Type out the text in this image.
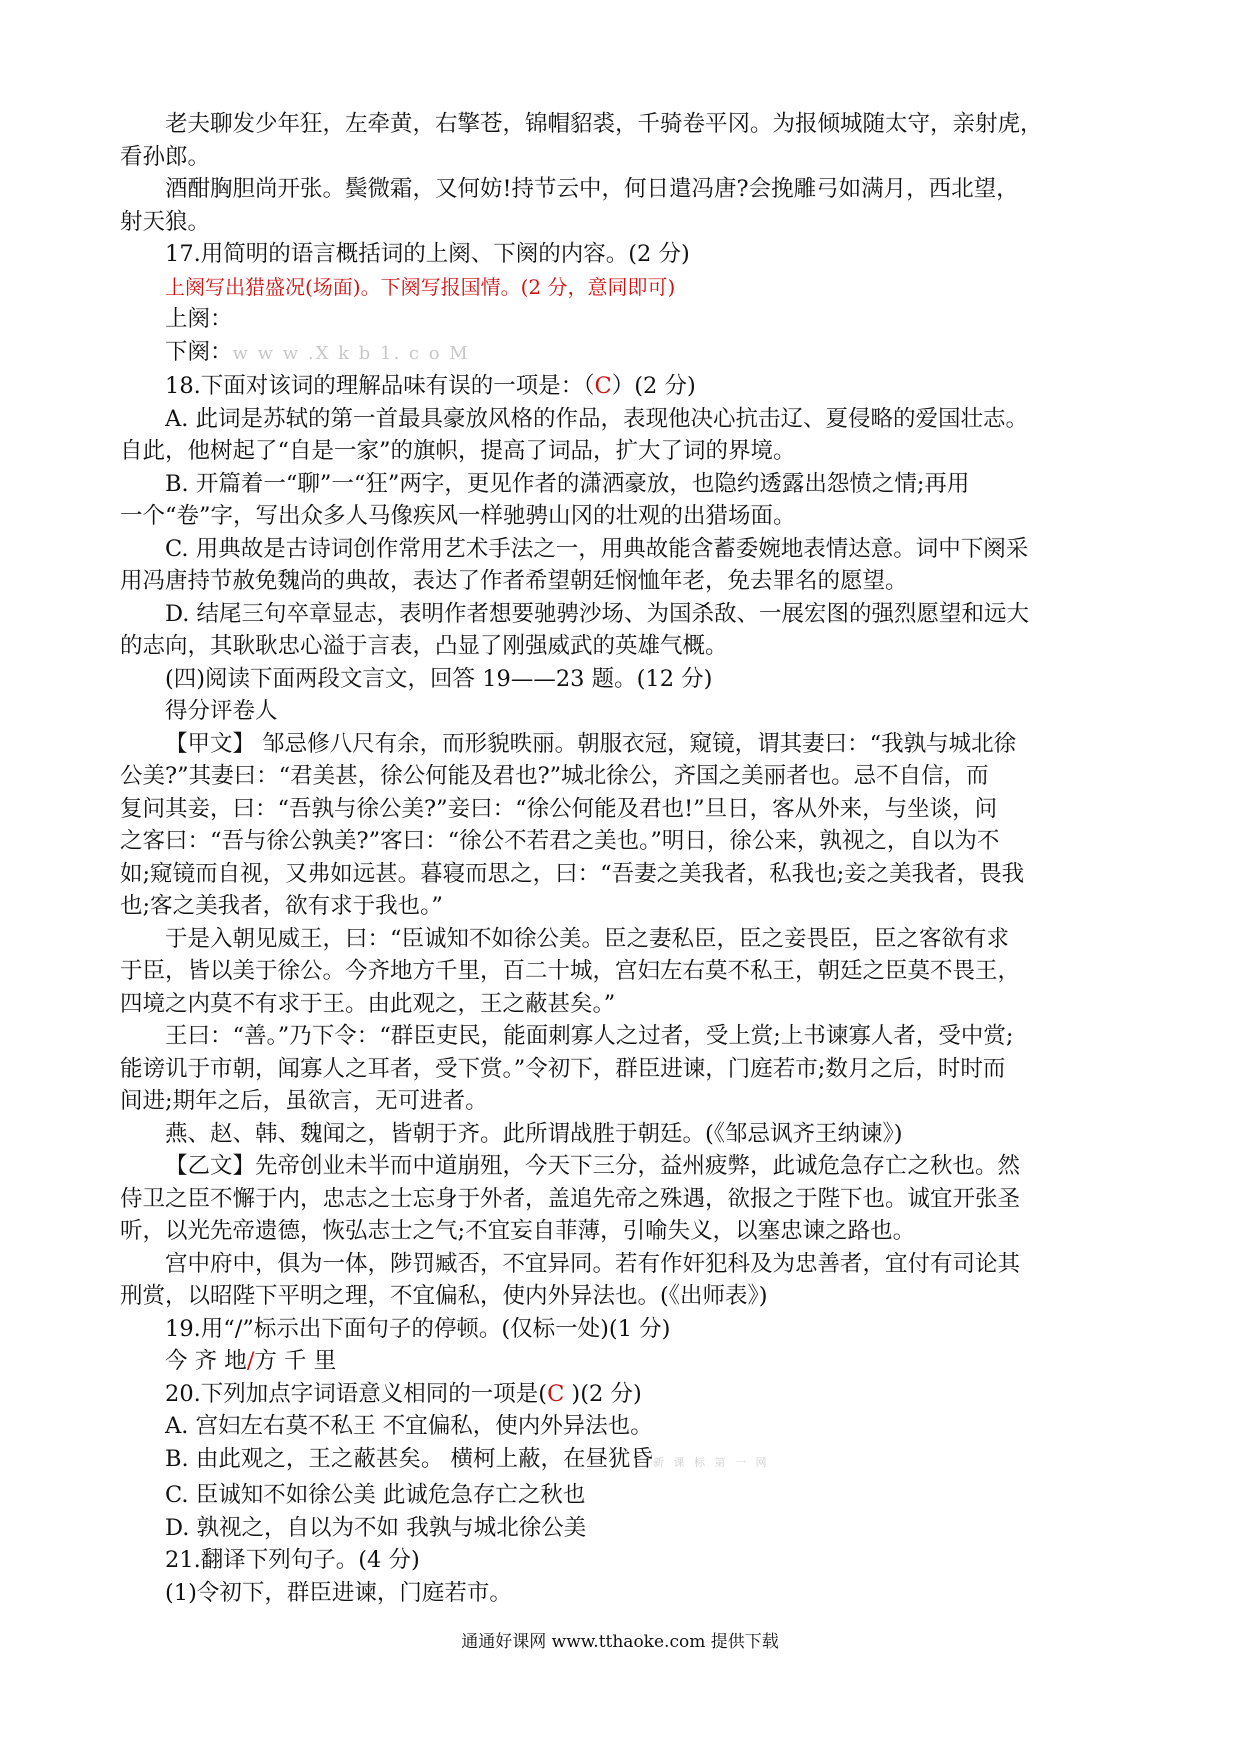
老夫聊发少年狂，左牵黄，右擎苍，锦帽貂裘，千骑卷平冈。为报倾城随太守，亲射虎，

看孙郎。

酒酣胸胆尚开张。鬓微霜，又何妨!持节云中，何日遣冯唐?会挽雕弓如满月，西北望，

射天狼。

17.用简明的语言概括词的上阕、下阕的内容。(2 分)

上阕写出猎盛况(场面)。下阕写报国情。(2 分，意同即可)

上阕：

下阕：w w w .X k b 1. c o M

18.下面对该词的理解品味有误的一项是：（C）(2 分)

A. 此词是苏轼的第一首最具豪放风格的作品，表现他决心抗击辽、夏侵略的爱国壮志。

自此，他树起了“自是一家”的旗帜，提高了词品，扩大了词的界境。

B. 开篇着一“聊”一“狂”两字，更见作者的潇洒豪放，也隐约透露出怨愤之情;再用

一个“卷”字，写出众多人马像疾风一样驰骋山冈的壮观的出猎场面。

C. 用典故是古诗词创作常用艺术手法之一，用典故能含蓄委婉地表情达意。词中下阕采

用冯唐持节赦免魏尚的典故，表达了作者希望朝廷悯恤年老，免去罪名的愿望。

D. 结尾三句卒章显志，表明作者想要驰骋沙场、为国杀敌、一展宏图的强烈愿望和远大

的志向，其耿耿忠心溢于言表，凸显了刚强威武的英雄气概。

(四)阅读下面两段文言文，回答 19——23 题。(12 分)

得分评卷人

【甲文】 邹忌修八尺有余，而形貌昳丽。朝服衣冠，窥镜，谓其妻曰：“我孰与城北徐

公美?”其妻曰：“君美甚，徐公何能及君也?”城北徐公，齐国之美丽者也。忌不自信，而

复问其妾，曰：“吾孰与徐公美?”妾曰：“徐公何能及君也!”旦日，客从外来，与坐谈，问

之客曰：“吾与徐公孰美?”客曰：“徐公不若君之美也。”明日，徐公来，孰视之，自以为不

如;窥镜而自视，又弗如远甚。暮寝而思之，曰：“吾妻之美我者，私我也;妾之美我者，畏我

也;客之美我者，欲有求于我也。”

于是入朝见威王，曰：“臣诚知不如徐公美。臣之妻私臣，臣之妾畏臣，臣之客欲有求

于臣，皆以美于徐公。今齐地方千里，百二十城，宫妇左右莫不私王，朝廷之臣莫不畏王，

四境之内莫不有求于王。由此观之，王之蔽甚矣。”

王曰：“善。”乃下令：“群臣吏民，能面刺寡人之过者，受上赏;上书谏寡人者，受中赏;

能谤讥于市朝，闻寡人之耳者，受下赏。”令初下，群臣进谏，门庭若市;数月之后，时时而

间进;期年之后，虽欲言，无可进者。

燕、赵、韩、魏闻之，皆朝于齐。此所谓战胜于朝廷。(《邹忌讽齐王纳谏》)

【乙文】先帝创业未半而中道崩殂，今天下三分，益州疲弊，此诚危急存亡之秋也。然

侍卫之臣不懈于内，忠志之士忘身于外者，盖追先帝之殊遇，欲报之于陛下也。诚宜开张圣

听，以光先帝遗德，恢弘志士之气;不宜妄自菲薄，引喻失义，以塞忠谏之路也。

宫中府中，俱为一体，陟罚臧否，不宜异同。若有作奸犯科及为忠善者，宜付有司论其

刑赏，以昭陛下平明之理，不宜偏私，使内外异法也。(《出师表》)

19.用“/”标示出下面句子的停顿。(仅标一处)(1 分)

今 齐 地/方 千 里

20.下列加点字词语意义相同的一项是(C )(2 分)

A. 宫妇左右莫不私王 不宜偏私，使内外异法也。

B. 由此观之，王之蔽甚矣。 横柯上蔽，在昼犹昏新 课 标 第 一 网

C. 臣诚知不如徐公美 此诚危急存亡之秋也

D. 孰视之，自以为不如 我孰与城北徐公美

21.翻译下列句子。(4 分)

(1)令初下，群臣进谏，门庭若市。

通通好课网 www.tthaoke.com 提供下载
